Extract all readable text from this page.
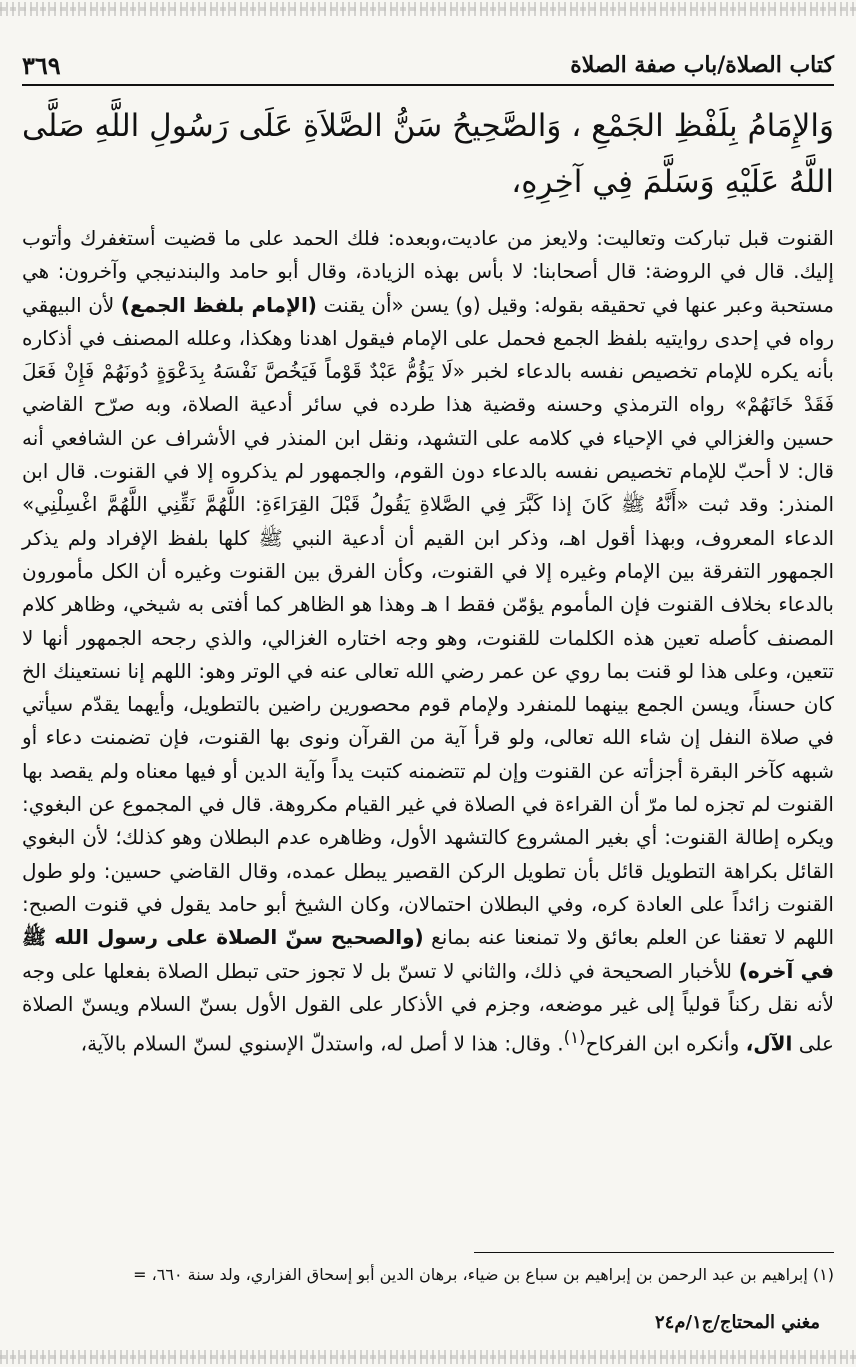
كتاب الصلاة/باب صفة الصلاة
٣٦٩
وَالإِمَامُ بِلَفْظِ الجَمْعِ ، وَالصَّحِيحُ سَنُّ الصَّلاَةِ عَلَى رَسُولِ اللَّهِ صَلَّى اللَّهُ عَلَيْهِ وَسَلَّمَ فِي آخِرِهِ،
القنوت قبل تباركت وتعاليت: ولايعز من عاديت،وبعده: فلك الحمد على ما قضيت أستغفرك وأتوب إليك. قال في الروضة: قال أصحابنا: لا بأس بهذه الزيادة، وقال أبو حامد والبندنيجي وآخرون: هي مستحبة وعبر عنها في تحقيقه بقوله: وقيل (و) يسن «أن يقنت (الإمام بلفظ الجمع) لأن البيهقي رواه في إحدى روايتيه بلفظ الجمع فحمل على الإمام فيقول اهدنا وهكذا، وعلله المصنف في أذكاره بأنه يكره للإمام تخصيص نفسه بالدعاء لخبر «لَا يَؤُمُّ عَبْدٌ قَوْماً فَيَخُصَّ نَفْسَهُ بِدَعْوَةٍ دُونَهُمْ فَإِنْ فَعَلَ فَقَدْ خَانَهُمْ» رواه الترمذي وحسنه وقضية هذا طرده في سائر أدعية الصلاة، وبه صرّح القاضي حسين والغزالي في الإحياء في كلامه على التشهد، ونقل ابن المنذر في الأشراف عن الشافعي أنه قال: لا أحبّ للإمام تخصيص نفسه بالدعاء دون القوم، والجمهور لم يذكروه إلا في القنوت. قال ابن المنذر: وقد ثبت «أَنَّهُ ﷺ كَانَ إذا كَبَّرَ فِي الصَّلاةِ يَقُولُ قَبْلَ القِرَاءَةِ: اللَّهُمَّ نَقِّنِي اللَّهُمَّ اغْسِلْنِي» الدعاء المعروف، وبهذا أقول اهـ، وذكر ابن القيم أن أدعية النبي ﷺ كلها بلفظ الإفراد ولم يذكر الجمهور التفرقة بين الإمام وغيره إلا في القنوت، وكأن الفرق بين القنوت وغيره أن الكل مأمورون بالدعاء بخلاف القنوت فإن المأموم يؤمّن فقط ا هـ وهذا هو الظاهر كما أفتى به شيخي، وظاهر كلام المصنف كأصله تعين هذه الكلمات للقنوت، وهو وجه اختاره الغزالي، والذي رجحه الجمهور أنها لا تتعين، وعلى هذا لو قنت بما روي عن عمر رضي الله تعالى عنه في الوتر وهو: اللهم إنا نستعينك الخ كان حسناً، ويسن الجمع بينهما للمنفرد ولإمام قوم محصورين راضين بالتطويل، وأيهما يقدّم سيأتي في صلاة النفل إن شاء الله تعالى، ولو قرأ آية من القرآن ونوى بها القنوت، فإن تضمنت دعاء أو شبهه كآخر البقرة أجزأته عن القنوت وإن لم تتضمنه كتبت يداً وآية الدين أو فيها معناه ولم يقصد بها القنوت لم تجزه لما مرّ أن القراءة في الصلاة في غير القيام مكروهة. قال في المجموع عن البغوي: ويكره إطالة القنوت: أي بغير المشروع كالتشهد الأول، وظاهره عدم البطلان وهو كذلك؛ لأن البغوي القائل بكراهة التطويل قائل بأن تطويل الركن القصير يبطل عمده، وقال القاضي حسين: ولو طول القنوت زائداً على العادة كره، وفي البطلان احتمالان، وكان الشيخ أبو حامد يقول في قنوت الصبح: اللهم لا تعقنا عن العلم بعائق ولا تمنعنا عنه بمانع (والصحيح سنّ الصلاة على رسول الله ﷺ في آخره) للأخبار الصحيحة في ذلك، والثاني لا تسنّ بل لا تجوز حتى تبطل الصلاة بفعلها على وجه لأنه نقل ركناً قولياً إلى غير موضعه، وجزم في الأذكار على القول الأول بسنّ السلام ويسنّ الصلاة على الآل، وأنكره ابن الفركاح$^{(١)}$. وقال: هذا لا أصل له، واستدلّ الإسنوي لسنّ السلام بالآية،
(١) إبراهيم بن عبد الرحمن بن إبراهيم بن سباع بن ضياء، برهان الدين أبو إسحاق الفزاري، ولد سنة ٦٦٠، =
مغني المحتاج/ج١/م٢٤
